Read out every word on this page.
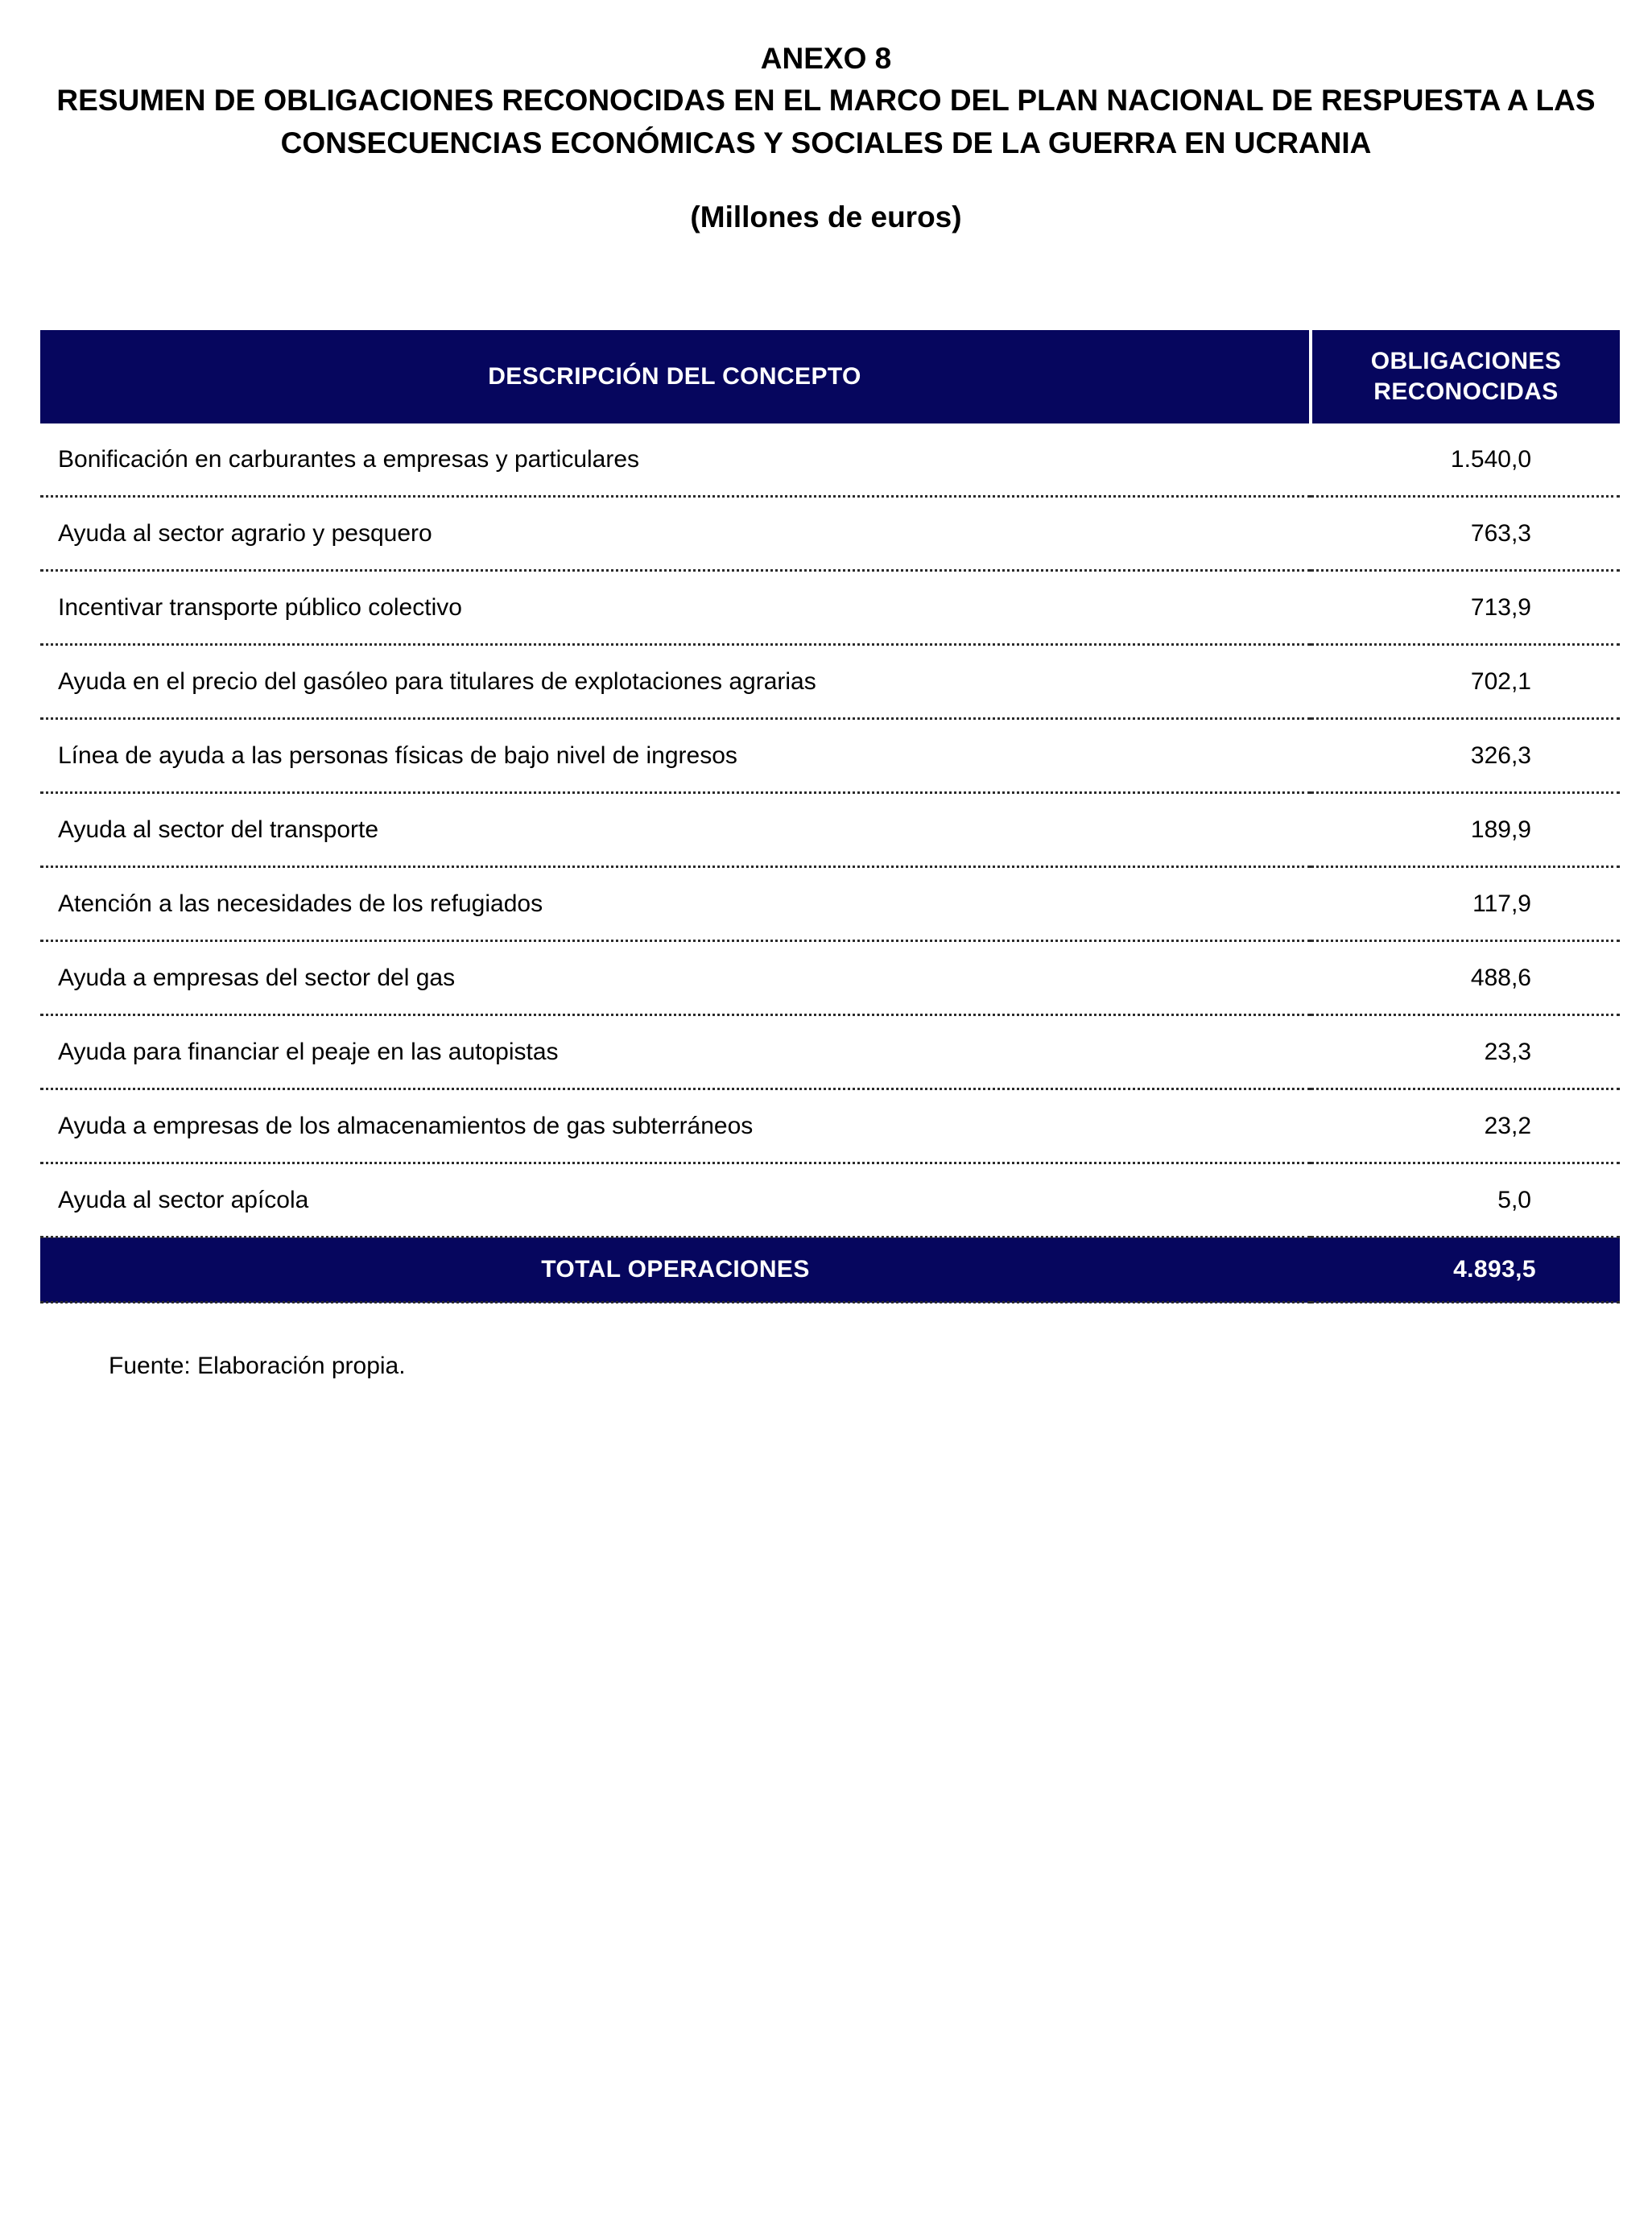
ANEXO 8
RESUMEN DE OBLIGACIONES RECONOCIDAS EN EL MARCO DEL PLAN NACIONAL DE RESPUESTA A LAS CONSECUENCIAS ECONÓMICAS Y SOCIALES DE LA GUERRA EN UCRANIA
(Millones de euros)
DESCRIPCIÓN DEL CONCEPTO	OBLIGACIONES
RECONOCIDAS
Bonificación en carburantes a empresas y particulares	1.540,0
Ayuda al sector agrario y pesquero	763,3
Incentivar transporte público colectivo	713,9
Ayuda en el precio del gasóleo para titulares de explotaciones agrarias	702,1
Línea de ayuda a las personas físicas de bajo nivel de ingresos	326,3
Ayuda al sector del transporte	189,9
Atención a las necesidades de los refugiados	117,9
Ayuda a empresas del sector del gas	488,6
Ayuda para financiar el peaje en las autopistas	23,3
Ayuda a empresas de los almacenamientos de gas subterráneos	23,2
Ayuda al sector apícola	5,0
TOTAL OPERACIONES	4.893,5
Fuente: Elaboración propia.
